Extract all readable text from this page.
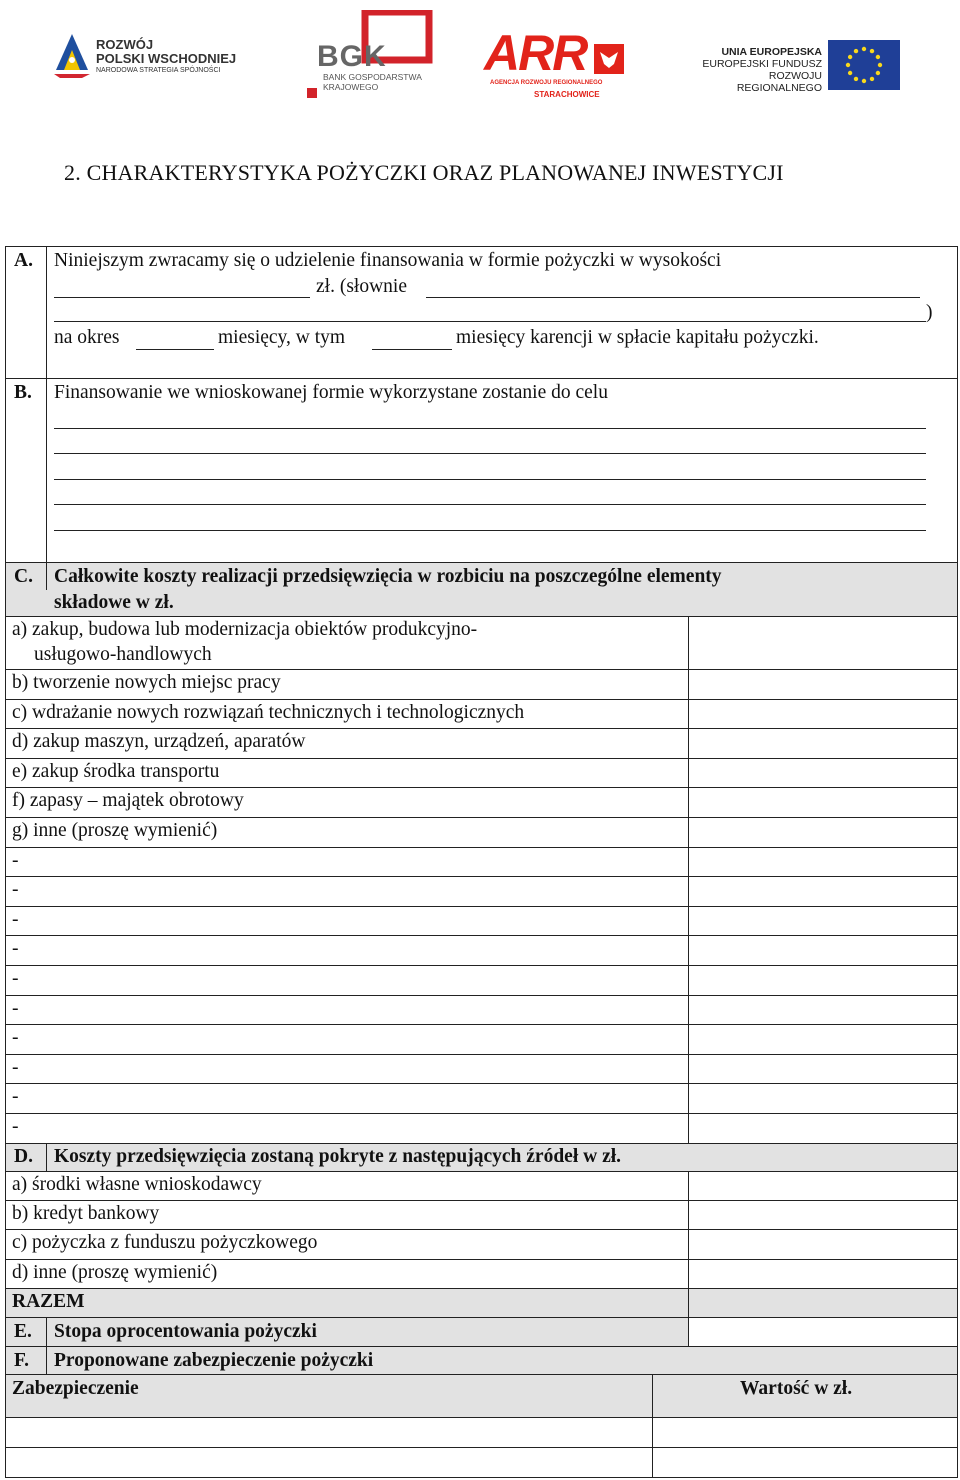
ROZWÓJ
POLSKI WSCHODNIEJ
NARODOWA STRATEGIA SPÓJNOŚCI	BGK
BANK GOSPODARSTWA
KRAJOWEGO
ARR
AGENCJA ROZWOJU REGIONALNEGO
STARACHOWICE
UNIA EUROPEJSKA
EUROPEJSKI FUNDUSZ
ROZWOJU REGIONALNEGO
2. CHARAKTERYSTYKA POŻYCZKI ORAZ PLANOWANEJ INWESTYCJI
A. Niniejszym zwracamy się o udzielenie finansowania w formie pożyczki w wysokości
zł. (słownie
)
na okres	miesięcy, w tym	miesięcy karencji w spłacie kapitału pożyczki.
B. Finansowanie we wnioskowanej formie wykorzystane zostanie do celu
C. Całkowite koszty realizacji przedsięwzięcia w rozbiciu na poszczególne elementy
składowe w zł.
a) zakup, budowa lub modernizacja obiektów produkcyjno-
usługowo-handlowych
b) tworzenie nowych miejsc pracy
c) wdrażanie nowych rozwiązań technicznych i technologicznych
d) zakup maszyn, urządzeń, aparatów
e) zakup środka transportu
f) zapasy – majątek obrotowy
g) inne (proszę wymienić)
-
-
-
-
-
-
-
-
-
-
D. Koszty przedsięwzięcia zostaną pokryte z następujących źródeł w zł.
a) środki własne wnioskodawcy
b) kredyt bankowy
c) pożyczka z funduszu pożyczkowego
d) inne (proszę wymienić)
RAZEM
E. Stopa oprocentowania pożyczki
F. Proponowane zabezpieczenie pożyczki
Zabezpieczenie	Wartość w zł.
